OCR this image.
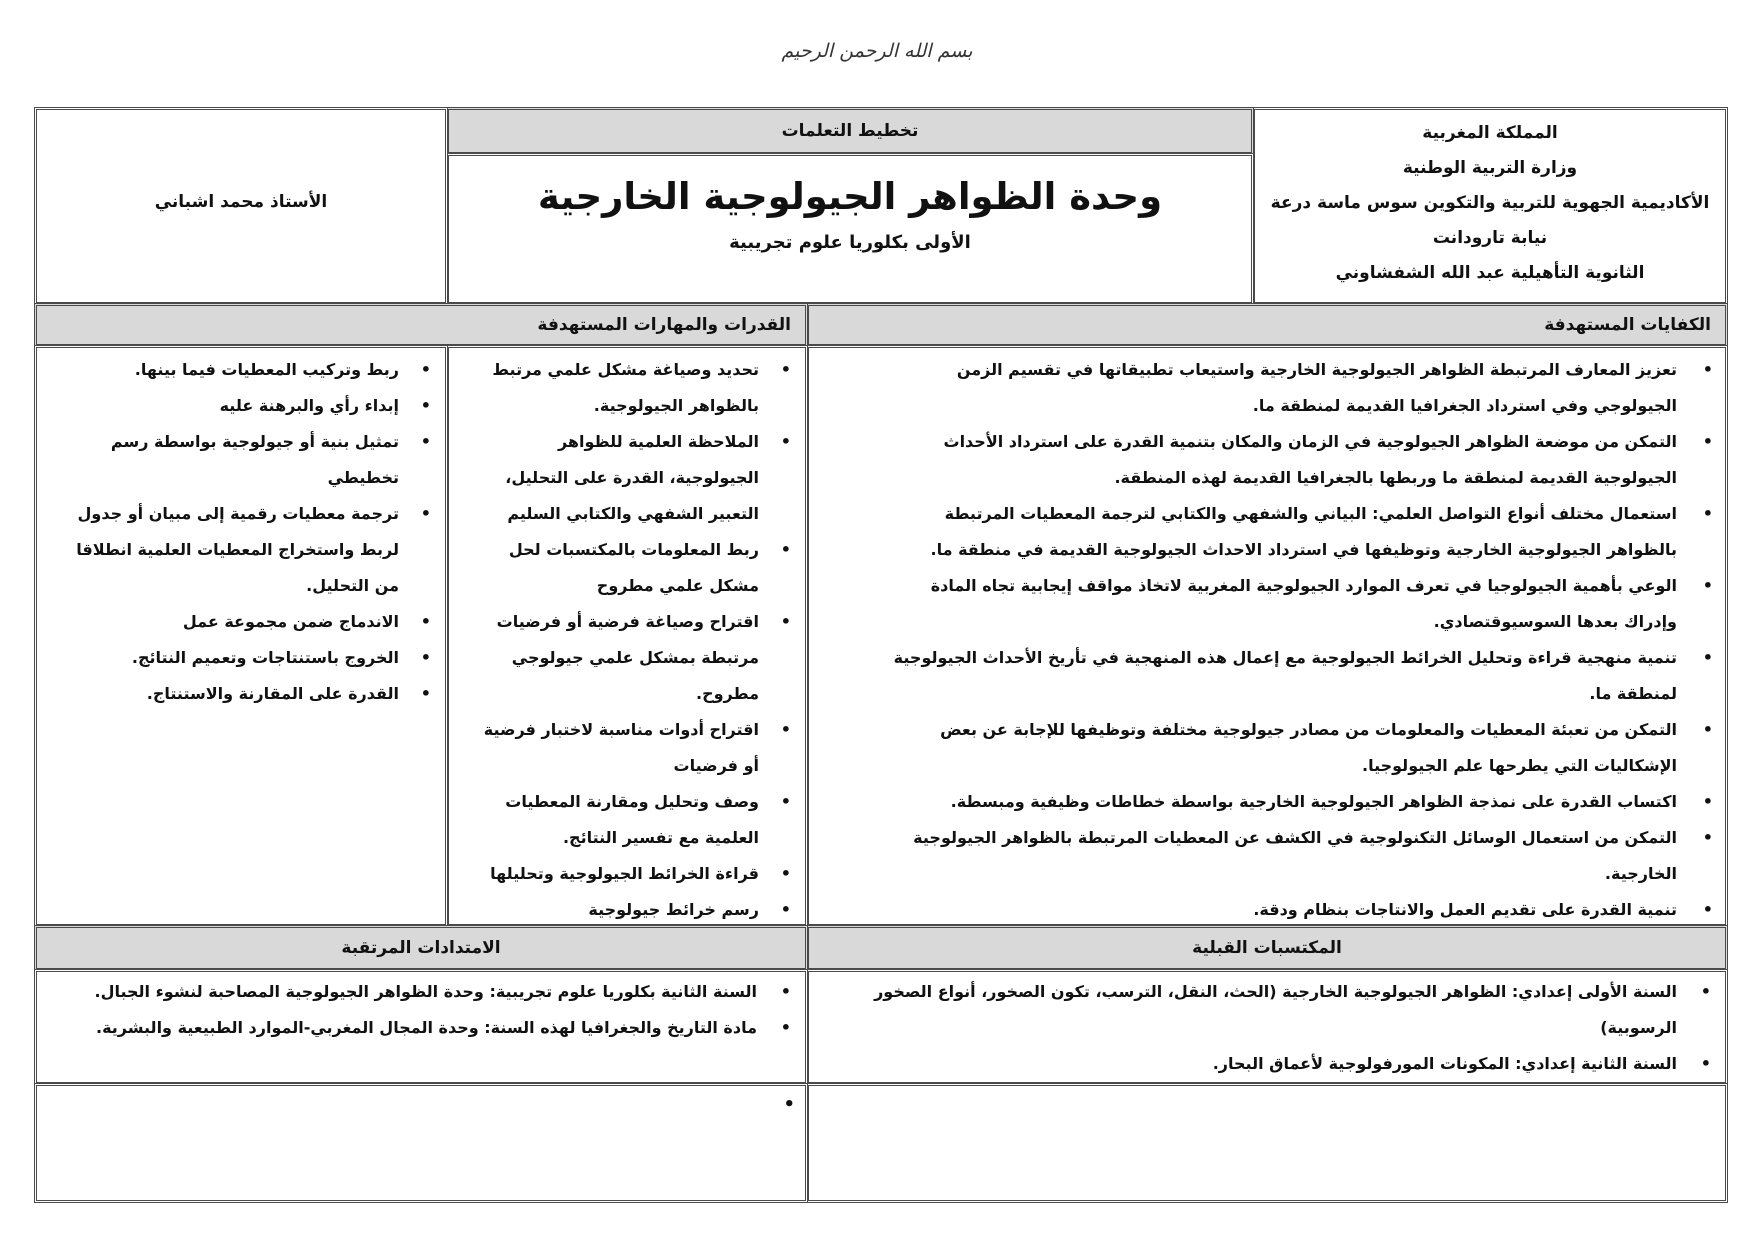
بسم الله الرحمن الرحيم
المملكة المغربية
وزارة التربية الوطنية
الأكاديمية الجهوية للتربية والتكوين سوس ماسة درعة
نيابة تارودانت
الثانوية التأهيلية عبد الله الشفشاوني
تخطيط التعلمات
وحدة الظواهر الجيولوجية الخارجية
الأولى بكلوريا علوم تجريبية
الأستاذ محمد اشباني
الكفايات المستهدفة
القدرات والمهارات المستهدفة
• تعزيز المعارف المرتبطة الظواهر الجيولوجية الخارجية واستيعاب تطبيقاتها في تقسيم الزمن الجيولوجي وفي استرداد الجغرافيا القديمة لمنطقة ما.
• التمكن من موضعة الظواهر الجيولوجية في الزمان والمكان بتنمية القدرة على استرداد الأحداث الجيولوجية القديمة لمنطقة ما وربطها بالجغرافيا القديمة لهذه المنطقة.
• استعمال مختلف أنواع التواصل العلمي: البياني والشفهي والكتابي لترجمة المعطيات المرتبطة بالظواهر الجيولوجية الخارجية وتوظيفها في استرداد الاحداث الجيولوجية القديمة في منطقة ما.
• الوعي بأهمية الجيولوجيا في تعرف الموارد الجيولوجية المغربية لاتخاذ مواقف إيجابية تجاه المادة وإدراك بعدها السوسيوقتصادي.
• تنمية منهجية قراءة وتحليل الخرائط الجيولوجية مع إعمال هذه المنهجية في تأريخ الأحداث الجيولوجية لمنطقة ما.
• التمكن من تعبئة المعطيات والمعلومات من مصادر جيولوجية مختلفة وتوظيفها للإجابة عن بعض الإشكاليات التي يطرحها علم الجيولوجيا.
• اكتساب القدرة على نمذجة الظواهر الجيولوجية الخارجية بواسطة خطاطات وظيفية ومبسطة.
• التمكن من استعمال الوسائل التكنولوجية في الكشف عن المعطيات المرتبطة بالظواهر الجيولوجية الخارجية.
• تنمية القدرة على تقديم العمل والانتاجات بنظام ودقة.
• تحديد وصياغة مشكل علمي مرتبط بالظواهر الجيولوجية.
• الملاحظة العلمية للظواهر الجيولوجية، القدرة على التحليل، التعبير الشفهي والكتابي السليم
• ربط المعلومات بالمكتسبات لحل مشكل علمي مطروح
• اقتراح وصياغة فرضية أو فرضيات مرتبطة بمشكل علمي جيولوجي مطروح.
• اقتراح أدوات مناسبة لاختبار فرضية أو فرضيات
• وصف وتحليل ومقارنة المعطيات العلمية مع تفسير النتائج.
• قراءة الخرائط الجيولوجية وتحليلها
• رسم خرائط جيولوجية
• ربط وتركيب المعطيات فيما بينها.
• إبداء رأي والبرهنة عليه
• تمثيل بنية أو جيولوجية بواسطة رسم تخطيطي
• ترجمة معطيات رقمية إلى مبيان أو جدول لربط واستخراج المعطيات العلمية انطلاقا من التحليل.
• الاندماج ضمن مجموعة عمل
• الخروج باستنتاجات وتعميم النتائج.
• القدرة على المقارنة والاستنتاج.
المكتسبات القبلية
الامتدادات المرتقبة
• السنة الأولى إعدادي: الظواهر الجيولوجية الخارجية (الحث، النقل، الترسب، تكون الصخور، أنواع الصخور الرسوبية)
• السنة الثانية إعدادي: المكونات المورفولوجية لأعماق البحار.
• السنة الثانية بكلوريا علوم تجريبية: وحدة الظواهر الجيولوجية المصاحبة لنشوء الجبال.
• مادة التاريخ والجغرافيا لهذه السنة: وحدة المجال المغربي-الموارد الطبيعية والبشرية.
•
